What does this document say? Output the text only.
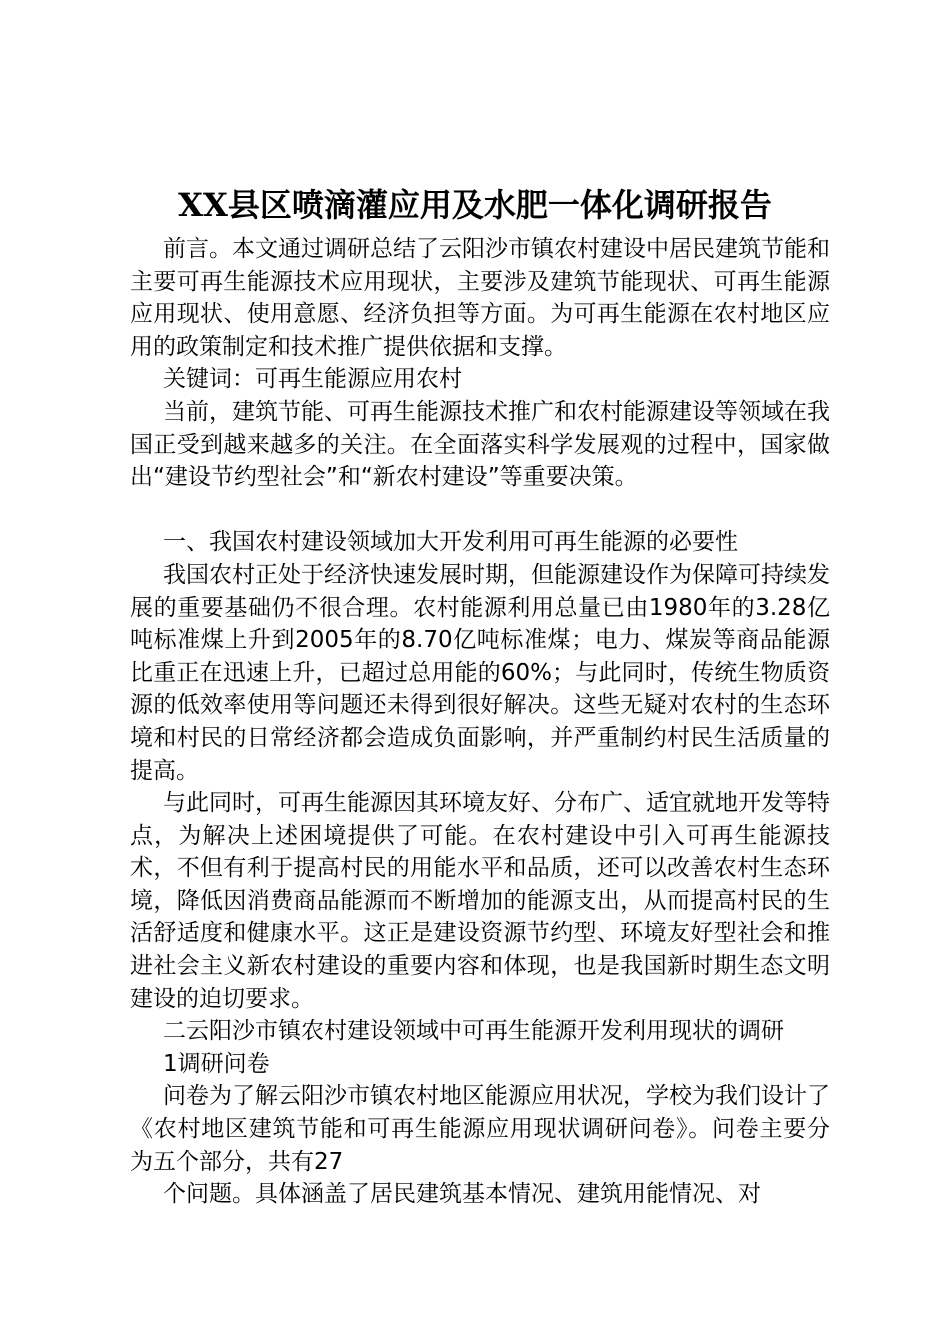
XX县区喷滴灌应用及水肥一体化调研报告

前言。本文通过调研总结了云阳沙市镇农村建设中居民建筑节能和主要可再生能源技术应用现状，主要涉及建筑节能现状、可再生能源应用现状、使用意愿、经济负担等方面。为可再生能源在农村地区应用的政策制定和技术推广提供依据和支撑。

关键词：可再生能源应用农村

当前，建筑节能、可再生能源技术推广和农村能源建设等领域在我国正受到越来越多的关注。在全面落实科学发展观的过程中，国家做出“建设节约型社会”和“新农村建设”等重要决策。

一、我国农村建设领域加大开发利用可再生能源的必要性

我国农村正处于经济快速发展时期，但能源建设作为保障可持续发展的重要基础仍不很合理。农村能源利用总量已由1980年的3.28亿吨标准煤上升到2005年的8.70亿吨标准煤；电力、煤炭等商品能源比重正在迅速上升，已超过总用能的60%；与此同时，传统生物质资源的低效率使用等问题还未得到很好解决。这些无疑对农村的生态环境和村民的日常经济都会造成负面影响，并严重制约村民生活质量的提高。

与此同时，可再生能源因其环境友好、分布广、适宜就地开发等特点，为解决上述困境提供了可能。在农村建设中引入可再生能源技术，不但有利于提高村民的用能水平和品质，还可以改善农村生态环境，降低因消费商品能源而不断增加的能源支出，从而提高村民的生活舒适度和健康水平。这正是建设资源节约型、环境友好型社会和推进社会主义新农村建设的重要内容和体现，也是我国新时期生态文明建设的迫切要求。

二云阳沙市镇农村建设领域中可再生能源开发利用现状的调研

1调研问卷

问卷为了解云阳沙市镇农村地区能源应用状况，学校为我们设计了《农村地区建筑节能和可再生能源应用现状调研问卷》。问卷主要分为五个部分，共有27

个问题。具体涵盖了居民建筑基本情况、建筑用能情况、对
